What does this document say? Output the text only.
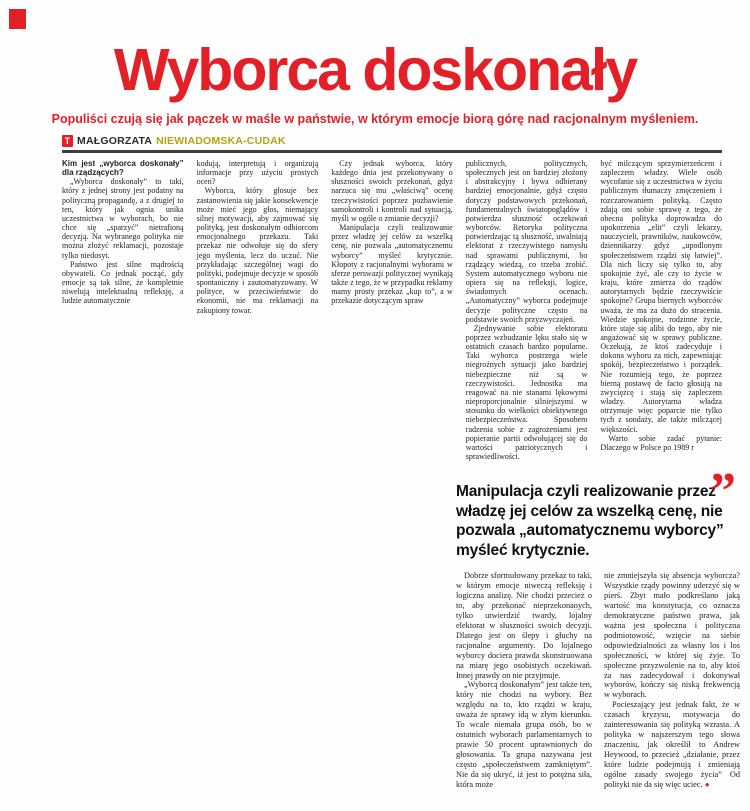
Wyborca doskonały
Populiści czują się jak pączek w maśle w państwie, w którym emocje biorą górę nad racjonalnym myśleniem.
T MAŁGORZATA NIEWIADOMSKA-CUDAK

Kim jest „wyborca doskonały” dla rządzących?

„Wyborca doskonały” to taki, który z jednej strony jest podatny na polityczną propagandę, a z drugiej to ten, który jak ognia unika uczestnictwa w wyborach, bo nie chce się „sparzyć” nietrafioną decyzją. Na wybranego polityka nie można złożyć reklamacji, pozostaje tylko niedosyt.

Państwo jest silne mądrością obywateli. Co jednak począć, gdy emocje są tak silne, że kompletnie niwelują intelektualną refleksję, a ludzie automatycznie

kodują, interpretują i organizują informacje przy użyciu prostych ocen?

Wyborca, który głosuje bez zastanowienia się jakie konsekwencje może mieć jego głos, niemający silnej motywacji, aby zajmować się polityką, jest doskonałym odbiorcom emocjonalnego przekazu. Taki przekaz nie odwołuje się do sfery jego myślenia, lecz do uczuć. Nie przykładając szczególnej wagi do polityki, podejmuje decyzje w sposób spontaniczny i zautomatyzowany. W polityce, w przeciwieństwie do ekonomii, nie ma reklamacji na zakupiony towar.

Czy jednak wyborca, który każdego dnia jest przekonywany o słuszności swoich przekonań, gdyż narzuca się mu „właściwą” ocenę rzeczywistości poprzez pozbawienie samokontroli i kontroli nad sytuacją, myśli w ogóle o zmianie decyzji?

Manipulacja czyli realizowanie przez władzę jej celów za wszelką cenę, nie pozwala „automatycznemu wyborcy” myśleć krytycznie. Kłopoty z racjonalnymi wyborami w sferze perswazji politycznej wynikają także z tego, że w przypadku reklamy mamy prosty przekaz „kup to”, a w przekazie dotyczącym spraw

publicznych, politycznych, społecznych jest on bardziej złożony i abstrakcyjny i bywa odbierany bardziej emocjonalnie, gdyż często dotyczy podstawowych przekonań, fundamentalnych światopoglądów i potwierdza słuszność oczekiwań wyborców. Retoryka polityczna potwierdzając tą słuszność, uwalniają elektorat z rzeczywistego namysłu nad sprawami publicznymi, bo rządzący wiedzą, co trzeba zrobić. System automatycznego wyboru nie opiera się na refleksji, logice, świadomych ocenach. „Automatyczny” wyborca podejmuje decyzje polityczne często na podstawie swoich przyzwyczajeń.

Zjednywanie sobie elektoratu poprzez wzbudzanie lęku stało się w ostatnich czasach bardzo popularne. Taki wyborca postrzega wiele niegroźnych sytuacji jako bardziej niebezpieczne niż są w rzeczywistości. Jednostka ma reagować na nie stanami lękowymi nieproporcjonalnie silniejszymi w stosunku do wielkości obiektywnego niebezpieczeństwa. Sposobem radzenia sobie z zagrożeniami jest popieranie partii odwołującej się do wartości patriotycznych i sprawiedliwości.

być milczącym sprzymierzeńcem i zapleczem władzy. Wiele osób wycofanie się z uczestnictwa w życiu publicznym tłumaczy zmęczeniem i rozczarowaniem polityką. Często zdają oni sobie sprawę z tego, że obecna polityka doprowadza do upokorzenia „elit” czyli lekarzy, nauczycieli, prawników, naukowców, dziennikarzy gdyż „upodlonym społeczeństwem rządzi się łatwiej”. Dla nich liczy się tylko to, aby spokojnie żyć, ale czy to życie w kraju, które zmierza do rządów autorytarnych będzie rzeczywiście spokojne? Grupa biernych wyborców uważa, że ma za dużo do stracenia. Wiedzie spokojne, rodzinne życie, które staje się alibi do tego, aby nie angażować się w sprawy publiczne. Oczekują, że ktoś zadecyduje i dokona wyboru za nich, zapewniając spokój, bezpieczeństwo i porządek. Nie rozumieją tego, że poprzez bierną postawę de facto głosują na zwycięzcę i stają się zapleczem władzy. Autorytarna władza otrzymuje więc poparcie nie tylko tych z sondaży, ale także milczącej większości.

Warto sobie zadać pytanie: Dlaczego w Polsce po 1989 r

”
Manipulacja czyli realizowanie przez władzę jej celów za wszelką cenę, nie pozwala „automatycznemu wyborcy” myśleć krytycznie.

Dobrze sformułowany przekaz to taki, w którym emocje niweczą refleksję i logiczna analizę. Nie chodzi przecież o to, aby przekonać nieprzekonanych, tylko utwierdzić twardy, lojalny elektorat w słuszności swoich decyzji. Dlatego jest on ślepy i głuchy na racjonalne argumenty. Do lojalnego wyborcy dociera prawda skonstruowana na miarę jego osobistych oczekiwań. Innej prawdy on nie przyjmuje.

„Wyborcą doskonałym” jest także ten, który nie chodzi na wybory. Bez względu na to, kto rządzi w kraju, uważa że sprawy idą w złym kierunku. To wcale niemała grupa osób, bo w ostatnich wyborach parlamentarnych to prawie 50 procent uprawnionych do głosowania. Ta grupa nazywana jest często „społeczeństwem zamkniętym”. Nie da się ukryć, iż jest to potężna siła, która może

nie zmniejszyła się absencja wyborcza? Wszystkie rządy powinny uderzyć się w pierś. Zbyt mało podkreślano jaką wartość ma konstytucja, co oznacza demokratyczne państwo prawa, jak ważna jest społeczna i polityczna podmiotowość, wzięcie na siebie odpowiedzialności za własny los i los społeczności, w której się żyje. To społeczne przyzwolenie na to, aby ktoś za nas zadecydował i dokonywał wyborów, kończy się niską frekwencją w wyborach.

Pocieszający jest jednak fakt, że w czasach kryzysu, motywacja do zainteresowania się polityką wzrasta. A polityka w najszerszym tego słowa znaczeniu, jak określił to Andrew Heywood, to przecież „działanie, przez które ludzie podejmują i zmieniają ogólne zasady swojego życia” Od polityki nie da się więc uciec. ●
